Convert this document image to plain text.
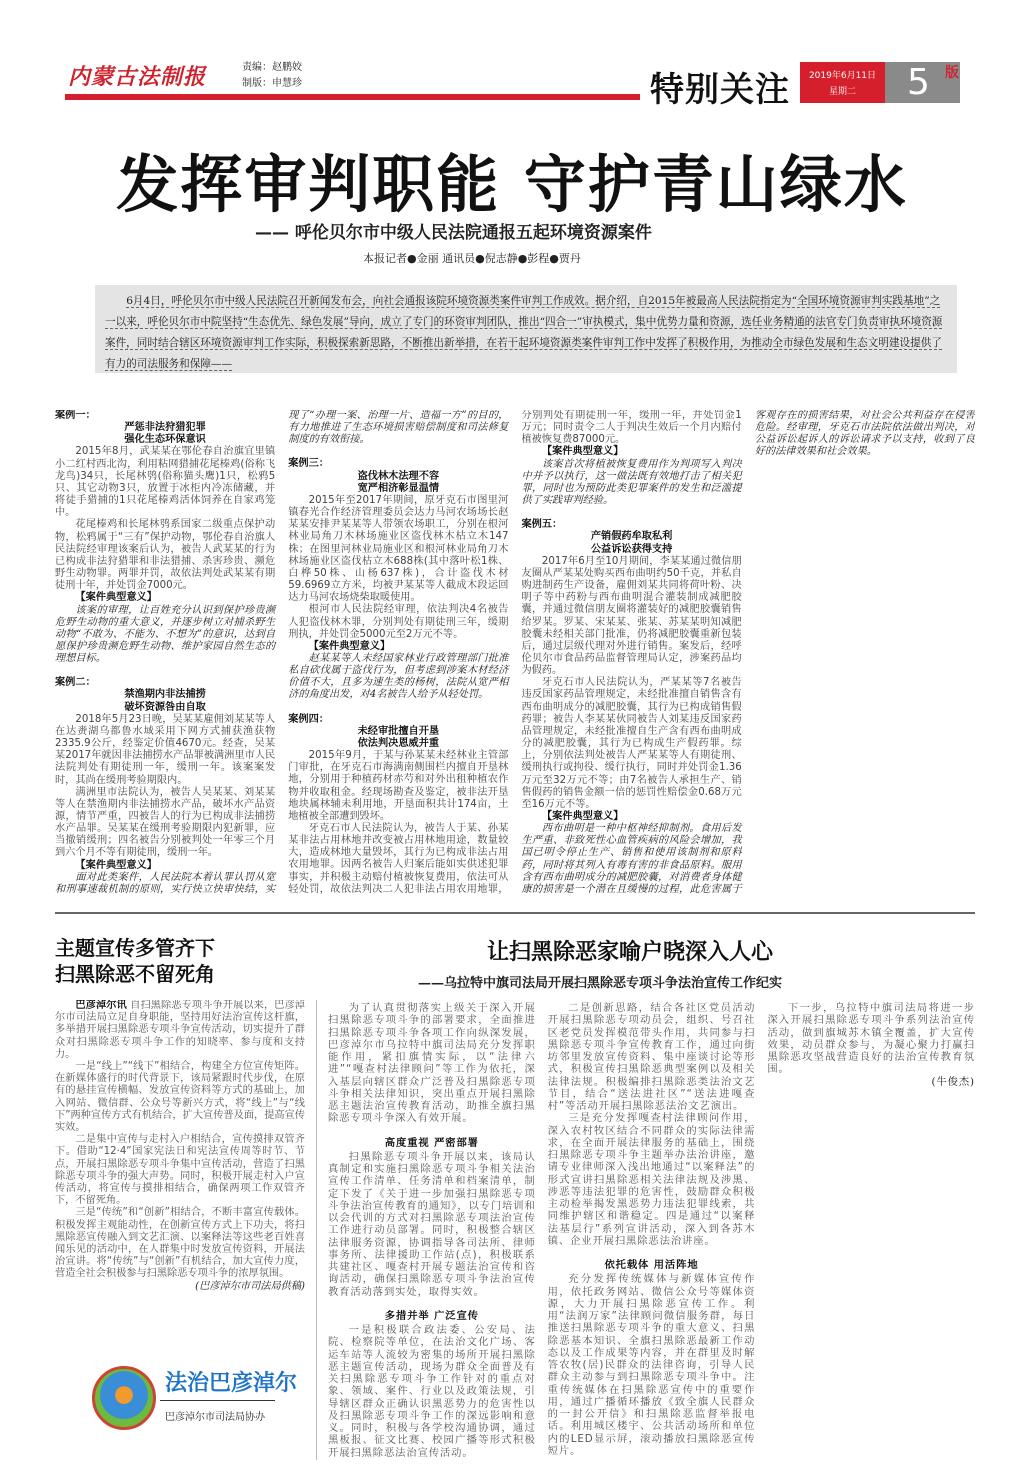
内蒙古法制报	责编：赵鹏姣
制版：申慧珍	特别关注	2019年6月11日
星期二	5	版
发挥审判职能 守护青山绿水
—— 呼伦贝尔市中级人民法院通报五起环境资源案件
本报记者●金丽 通讯员●倪志静●彭程●贾丹
6月4日，呼伦贝尔市中级人民法院召开新闻发布会，向社会通报该院环境资源类案件审判工作成效。据介绍，自2015年被最高人民法院指定为“全国环境资源审判实践基地”之一以来，呼伦贝尔市中院坚持“生态优先、绿色发展”导向，成立了专门的环资审判团队，推出“四合一”审执模式，集中优势力量和资源，选任业务精通的法官专门负责审执环境资源案件，同时结合辖区环境资源审判工作实际，积极探索新思路，不断推出新举措，在若干起环境资源类案件审判工作中发挥了积极作用，为推动全市绿色发展和生态文明建设提供了有力的司法服务和保障——
案例一：
严惩非法狩猎犯罪
强化生态环保意识
2015年8月，武某某在鄂伦春自治旗宜里镇小二红村西北沟，利用粘网猎捕花尾榛鸡(俗称飞龙鸟)34只，长尾林鸮(俗称猫头鹰)1只，松鸦5只、其它动物3只，放置于冰柜内冷冻储藏，并将徒手猎捕的1只花尾榛鸡活体饲养在自家鸡笼中。
花尾榛鸡和长尾林鸮系国家二级重点保护动物，松鸦属于“三有”保护动物，鄂伦春自治旗人民法院经审理该案后认为，被告人武某某的行为已构成非法狩猎罪和非法猎捕、杀害珍贵、濒危野生动物罪。两罪并罚，故依法判处武某某有期徒刑十年，并处罚金7000元。
【案件典型意义】
该案的审理，让百姓充分认识到保护珍贵濒危野生动物的重大意义，并逐步树立对捕杀野生动物“不敢为、不能为、不想为”的意识，达到自愿保护珍贵濒危野生动物、维护家园自然生态的理想目标。
案例二：
禁渔期内非法捕捞
破坏资源咎由自取
2018年5月23日晚，吴某某雇佣刘某某等人在达赉湖乌都鲁水域采用下网方式捕获渔获物2335.9公斤，经鉴定价值4670元。经查，吴某某2017年就因非法捕捞水产品罪被满洲里市人民法院判处有期徒刑一年，缓刑一年。该案案发时，其尚在缓刑考验期限内。
满洲里市法院认为，被告人吴某某、刘某某等人在禁渔期内非法捕捞水产品，破坏水产品资源，情节严重，四被告人的行为已构成非法捕捞水产品罪。吴某某在缓刑考验期限内犯新罪，应当撤销缓刑；四名被告分别被判处一年零三个月到六个月不等有期徒刑，缓刑一年。
【案件典型意义】
面对此类案件，人民法院本着认罪认罚从宽和刑事速裁机制的原则，实行快立快审快结，实现了“办理一案、治理一片、造福一方”的目的，有力地推进了生态环境损害赔偿制度和司法修复制度的有效衔接。
案例三：
盗伐林木法理不容
宽严相济彰显温情
2015年至2017年期间，原牙克石市图里河镇春光合作经济管理委员会达力马河农场场长赵某某安排尹某某等人带领农场职工，分别在根河林业局角刀木林场施业区盗伐林木枯立木147株；在图里河林业局施业区和根河林业局角刀木林场施业区盗伐枯立木688株(其中落叶松1株、白桦50株、山杨637株)，合计盗伐木材59.6969立方米，均被尹某某等人截成木段运回达力马河农场烧柴取暖使用。
根河市人民法院经审理，依法判决4名被告人犯盗伐林木罪，分别判处有期徒刑三年，缓期刑执，并处罚金5000元至2万元不等。
【案件典型意义】
赵某某等人未经国家林业行政管理部门批准私自砍伐属于盗伐行为，但考虑到涉案木材经济价值不大，且多为速生类的杨树，法院从宽严相济的角度出发，对4名被告人给予从轻处罚。
案例四：
未经审批擅自开垦
依法判决恩威并重
2015年9月，于某与孙某某未经林业主管部门审批，在牙克石市海满南侧围栏内擅自开垦林地，分别用于种植药材赤芍和对外出租种植农作物并收取租金。经现场勘查及鉴定，被非法开垦地块属林辅未利用地，开垦面积共计174亩，土地植被全部遭到毁坏。
牙克石市人民法院认为，被告人于某、孙某某非法占用林地并改变被占用林地用途，数量较大，造成林地大量毁坏，其行为已构成非法占用农用地罪。因两名被告人归案后能如实供述犯罪事实，并积极主动赔付植被恢复费用，依法可从轻处罚，故依法判决二人犯非法占用农用地罪，分别判处有期徒刑一年，缓刑一年，并处罚金1万元；同时责令二人于判决生效后一个月内赔付植被恢复费87000元。
【案件典型意义】
该案首次将植被恢复费用作为判项写入判决中并予以执行，这一做法既有效地打击了相关犯罪，同时也为预防此类犯罪案件的发生和泛滥提供了实践审判经验。
案例五：
产销假药牟取私利
公益诉讼获得支持
2017年6月至10月期间，李某某通过微信朋友圈从严某某处购买西布曲明约50千克，并私自购进制药生产设备，雇佣刘某共同将荷叶粉、决明子等中药粉与西布曲明混合灌装制成减肥胶囊，并通过微信朋友圈将灌装好的减肥胶囊销售给罗某。罗某、宋某某、张某、苏某某明知减肥胶囊未经相关部门批准，仍将减肥胶囊重新包装后，通过层级代理对外进行销售。案发后，经呼伦贝尔市食品药品监督管理局认定，涉案药品均为假药。
牙克石市人民法院认为，严某某等7名被告违反国家药品管理规定，未经批准擅自销售含有西布曲明成分的减肥胶囊，其行为已构成销售假药罪；被告人李某某伙同被告人刘某违反国家药品管理规定，未经批准擅自生产含有西布曲明成分的减肥胶囊，其行为已构成生产假药罪。综上，分别依法判处被告人严某某等人有期徒刑、缓刑执行或拘役、缓行执行，同时并处罚金1.36万元至32万元不等；由7名被告人承担生产、销售假药的销售金额一倍的惩罚性赔偿金0.68万元至16万元不等。
【案件典型意义】
西布曲明是一种中枢神经抑制剂。食用后发生严重、非致死性心血管疾病的风险会增加，我国已明令停止生产、销售和使用该制剂和原料药，同时将其列入有毒有害的非食品原料。服用含有西布曲明成分的减肥胶囊，对消费者身体健康的损害是一个潜在且缓慢的过程，此危害属于客观存在的损害结果，对社会公共利益存在侵害危险。经审理，牙克石市法院依法做出判决，对公益诉讼起诉人的诉讼请求予以支持，收到了良好的法律效果和社会效果。
主题宣传多管齐下
扫黑除恶不留死角
让扫黑除恶家喻户晓深入人心
——乌拉特中旗司法局开展扫黑除恶专项斗争法治宣传工作纪实
巴彦淖尔讯 自扫黑除恶专项斗争开展以来，巴彦淖尔市司法局立足自身职能，坚持用好法治宣传这杆旗，多举措开展扫黑除恶专项斗争宣传活动，切实提升了群众对扫黑除恶专项斗争工作的知晓率、参与度和支持力。
一是“线上”“线下”相结合，构建全方位宣传矩阵。在新媒体盛行的时代背景下，该局紧跟时代步伐，在原有的悬挂宣传横幅、发放宣传资料等方式的基础上，加入网站、微信群、公众号等新兴方式，将“线上”与“线下”两种宣传方式有机结合，扩大宣传普及面，提高宣传实效。
二是集中宣传与走村入户相结合，宣传摸排双管齐下。借助“12·4”国家宪法日和宪法宣传周等时节、节点，开展扫黑除恶专项斗争集中宣传活动，营造了扫黑除恶专项斗争的强大声势。同时，积极开展走村入户宣传活动，将宣传与摸排相结合，确保两项工作双管齐下，不留死角。
三是“传统”和“创新”相结合，不断丰富宣传载体。积极发挥主观能动性，在创新宣传方式上下功夫，将扫黑除恶宣传融入到文艺汇演、以案释法等这些老百姓喜闻乐见的活动中，在人群集中时发放宣传资料，开展法治宣讲。将“传统”与“创新”有机结合，加大宣传力度，营造全社会积极参与扫黑除恶专项斗争的浓厚氛围。
(巴彦淖尔市司法局供稿)
法治巴彦淖尔
巴彦淖尔市司法局协办
为了认真贯彻落实上级关于深入开展扫黑除恶专项斗争的部署要求，全面推进扫黑除恶专项斗争各项工作向纵深发展，巴彦淖尔市乌拉特中旗司法局充分发挥职能作用，紧扣旗情实际，以“法律六进”“嘎查村法律顾问”等工作为依托，深入基层向辖区群众广泛普及扫黑除恶专项斗争相关法律知识，突出重点开展扫黑除恶主题法治宣传教育活动，助推全旗扫黑除恶专项斗争深入有效开展。
高度重视 严密部署
扫黑除恶专项斗争开展以来，该局认真制定和实施扫黑除恶专项斗争相关法治宣传工作清单、任务清单和档案清单，制定下发了《关于进一步加强扫黑除恶专项斗争法治宣传教育的通知》，以专门培训和以会代训的方式对扫黑除恶专项法治宣传工作进行动员部署。同时，积极整合辖区法律服务资源，协调指导各司法所、律师事务所、法律援助工作站(点)，积极联系共建社区、嘎查村开展专题法治宣传和咨询活动，确保扫黑除恶专项斗争法治宣传教育活动落到实处，取得实效。
多措并举 广泛宣传
一是积极联合政法委、公安局、法院、检察院等单位，在法治文化广场、客运车站等人流较为密集的场所开展扫黑除恶主题宣传活动，现场为群众全面普及有关扫黑除恶专项斗争工作针对的重点对象、领域、案件、行业以及政策法规，引导辖区群众正确认识黑恶势力的危害性以及扫黑除恶专项斗争工作的深远影响和意义。同时，积极与各学校沟通协调，通过黑板报、征文比赛、校园广播等形式积极开展扫黑除恶法治宣传活动。
二是创新思路，结合各社区党员活动开展扫黑除恶专项动员会，组织、号召社区老党员发挥模范带头作用，共同参与扫黑除恶专项斗争宣传教育工作，通过向街坊邻里发放宣传资料、集中座谈讨论等形式，积极宣传扫黑除恶典型案例以及相关法律法规。积极编排扫黑除恶类法治文艺节目，结合“送法进社区”“送法进嘎查村”等活动开展扫黑除恶法治文艺演出。
三是充分发挥嘎查村法律顾问作用，深入农村牧区结合不同群众的实际法律需求，在全面开展法律服务的基础上，围绕扫黑除恶专项斗争主题举办法治讲座，邀请专业律师深入浅出地通过“以案释法”的形式宣讲扫黑除恶相关法律法规及涉黑、涉恶等违法犯罪的危害性，鼓励群众积极主动检举揭发黑恶势力违法犯罪线索，共同维护辖区和谐稳定。四是通过“以案释法基层行”系列宣讲活动，深入到各苏木镇、企业开展扫黑除恶法治讲座。
依托载体 用活阵地
充分发挥传统媒体与新媒体宣传作用，依托政务网站、微信公众号等媒体资源，大力开展扫黑除恶宣传工作。利用“法润万家”法律顾问微信服务群，每日推送扫黑除恶专项斗争的重大意义、扫黑除恶基本知识、全旗扫黑除恶最新工作动态以及工作成果等内容，并在群里及时解答农牧(居)民群众的法律咨询，引导人民群众主动参与到扫黑除恶专项斗争中。注重传统媒体在扫黑除恶宣传中的重要作用，通过广播循环播放《致全旗人民群众的一封公开信》和扫黑除恶监督举报电话。利用城区楼宇、公共活动场所和单位内的LED显示屏，滚动播放扫黑除恶宣传短片。
下一步，乌拉特中旗司法局将进一步深入开展扫黑除恶专项斗争系列法治宣传活动，做到旗城苏木镇全覆盖，扩大宣传效果，动员群众参与，为凝心聚力打赢扫黑除恶攻坚战营造良好的法治宣传教育氛围。
(牛俊杰)
